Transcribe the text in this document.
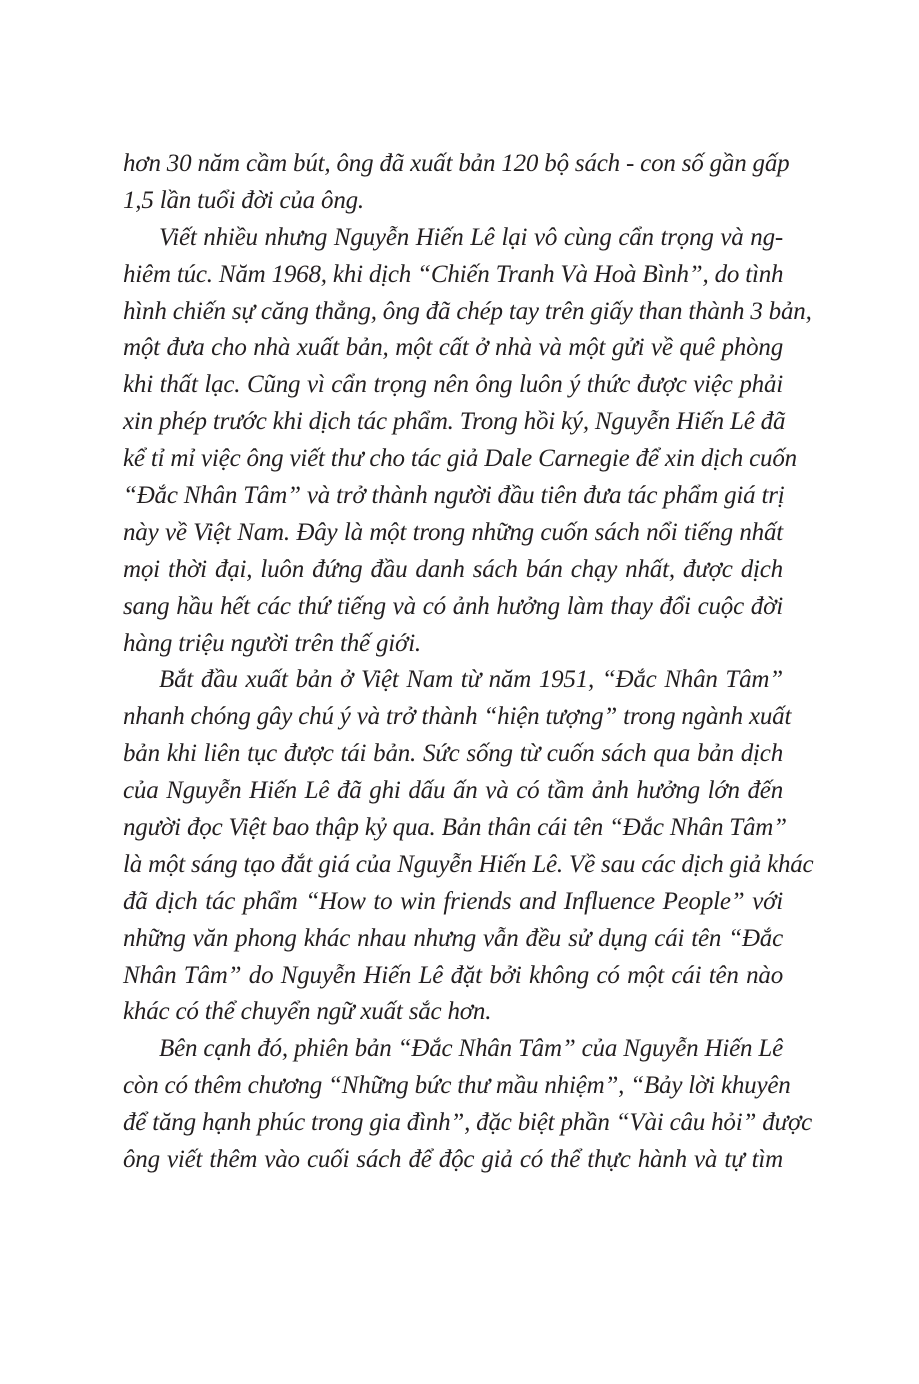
hơn 30 năm cầm bút, ông đã xuất bản 120 bộ sách - con số gần gấp
1,5 lần tuổi đời của ông.
Viết nhiều nhưng Nguyễn Hiến Lê lại vô cùng cẩn trọng và ng-
hiêm túc. Năm 1968, khi dịch “Chiến Tranh Và Hoà Bình”, do tình
hình chiến sự căng thẳng, ông đã chép tay trên giấy than thành 3 bản,
một đưa cho nhà xuất bản, một cất ở nhà và một gửi về quê phòng
khi thất lạc. Cũng vì cẩn trọng nên ông luôn ý thức được việc phải
xin phép trước khi dịch tác phẩm. Trong hồi ký, Nguyễn Hiến Lê đã
kể tỉ mỉ việc ông viết thư cho tác giả Dale Carnegie để xin dịch cuốn
“Đắc Nhân Tâm” và trở thành người đầu tiên đưa tác phẩm giá trị
này về Việt Nam. Đây là một trong những cuốn sách nổi tiếng nhất
mọi thời đại, luôn đứng đầu danh sách bán chạy nhất, được dịch
sang hầu hết các thứ tiếng và có ảnh hưởng làm thay đổi cuộc đời
hàng triệu người trên thế giới.
Bắt đầu xuất bản ở Việt Nam từ năm 1951, “Đắc Nhân Tâm”
nhanh chóng gây chú ý và trở thành “hiện tượng” trong ngành xuất
bản khi liên tục được tái bản. Sức sống từ cuốn sách qua bản dịch
của Nguyễn Hiến Lê đã ghi dấu ấn và có tầm ảnh hưởng lớn đến
người đọc Việt bao thập kỷ qua. Bản thân cái tên “Đắc Nhân Tâm”
là một sáng tạo đắt giá của Nguyễn Hiến Lê. Về sau các dịch giả khác
đã dịch tác phẩm “How to win friends and Influence People” với
những văn phong khác nhau nhưng vẫn đều sử dụng cái tên “Đắc
Nhân Tâm” do Nguyễn Hiến Lê đặt bởi không có một cái tên nào
khác có thể chuyển ngữ xuất sắc hơn.
Bên cạnh đó, phiên bản “Đắc Nhân Tâm” của Nguyễn Hiến Lê
còn có thêm chương “Những bức thư mầu nhiệm”, “Bảy lời khuyên
để tăng hạnh phúc trong gia đình”, đặc biệt phần “Vài câu hỏi” được
ông viết thêm vào cuối sách để độc giả có thể thực hành và tự tìm
